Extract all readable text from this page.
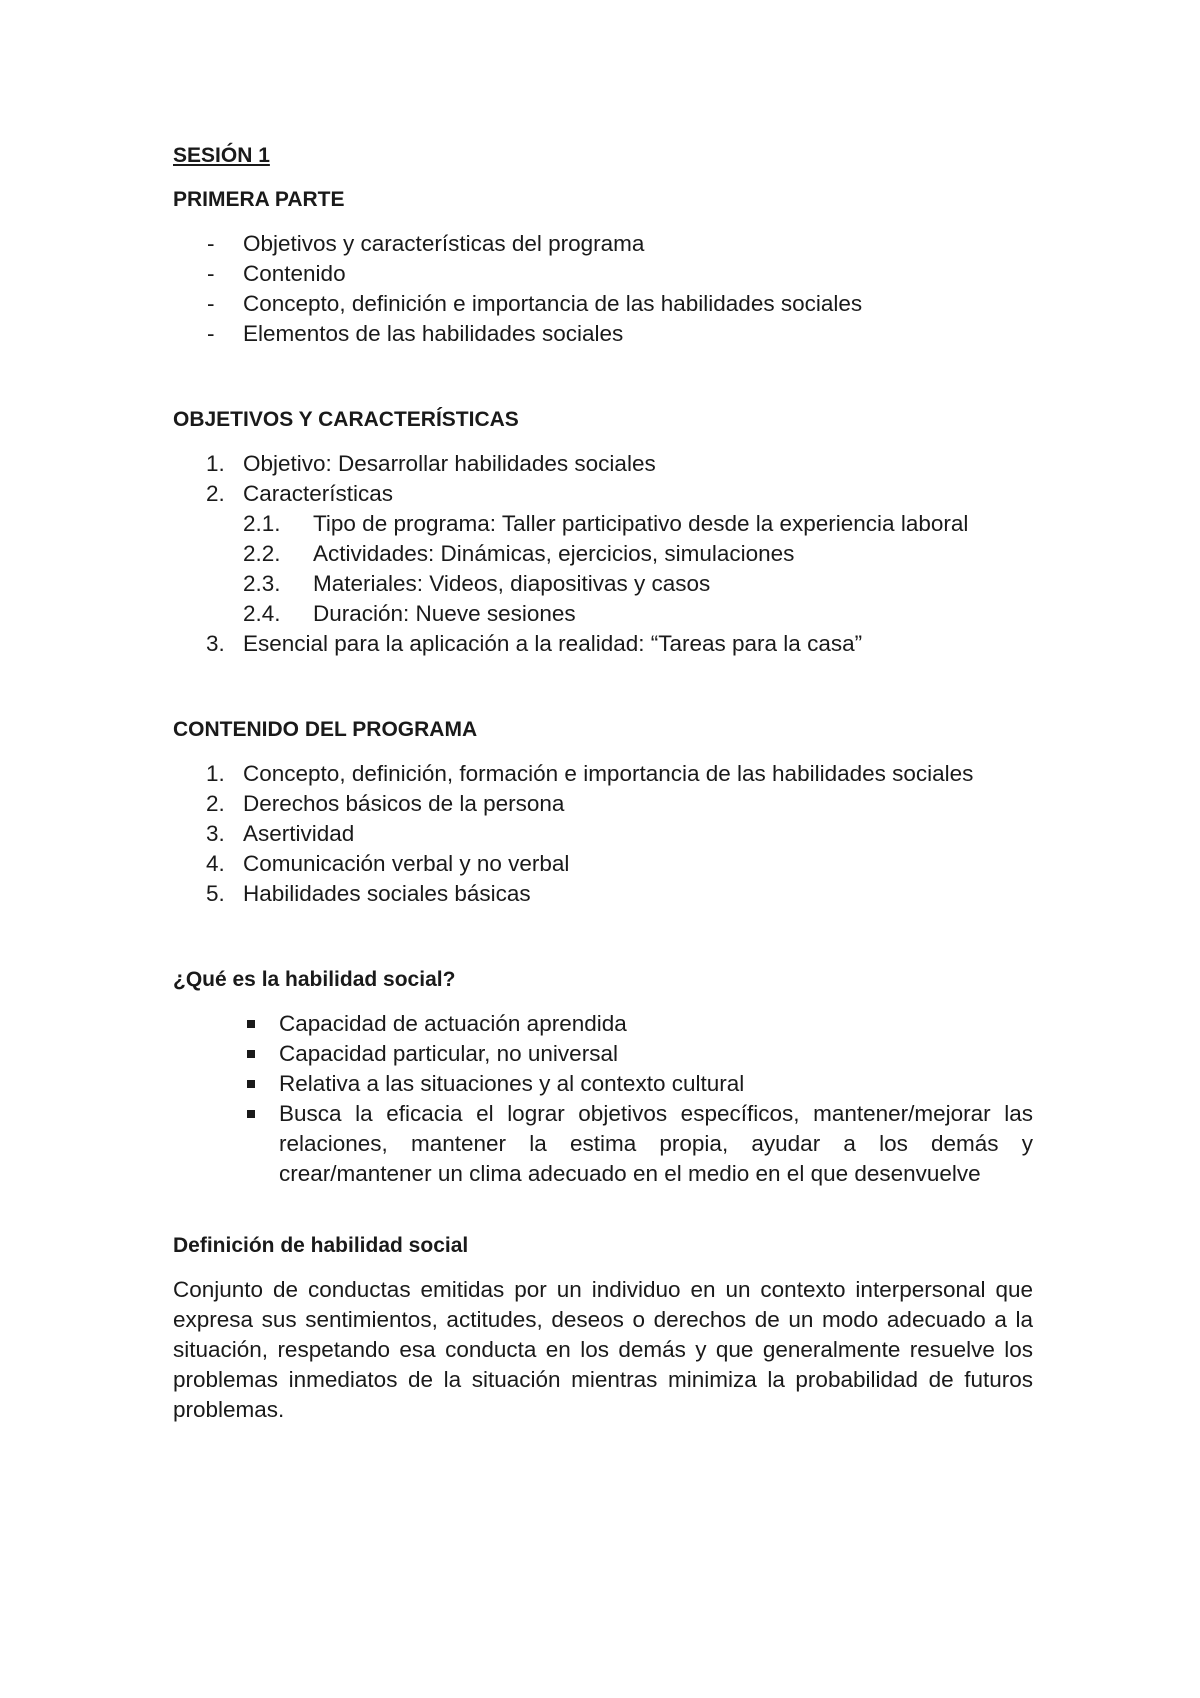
SESIÓN 1

PRIMERA PARTE

- Objetivos y características del programa
- Contenido
- Concepto, definición e importancia de las habilidades sociales
- Elementos de las habilidades sociales

OBJETIVOS Y CARACTERÍSTICAS

1. Objetivo: Desarrollar habilidades sociales
2. Características
2.1.	Tipo de programa: Taller participativo desde la experiencia laboral
2.2. Actividades: Dinámicas, ejercicios, simulaciones
2.3. Materiales: Videos, diapositivas y casos
2.4. Duración: Nueve sesiones
3. Esencial para la aplicación a la realidad: “Tareas para la casa”

CONTENIDO DEL PROGRAMA

1. Concepto, definición, formación e importancia de las habilidades sociales
2. Derechos básicos de la persona
3. Asertividad
4. Comunicación verbal y no verbal
5. Habilidades sociales básicas

¿Qué es la habilidad social?

Capacidad de actuación aprendida
Capacidad particular, no universal
Relativa a las situaciones y al contexto cultural
Busca la eficacia el lograr objetivos específicos, mantener/mejorar las relaciones, mantener la estima propia, ayudar a los demás y crear/mantener un clima adecuado en el medio en el que desenvuelve

Definición de habilidad social

Conjunto de conductas emitidas por un individuo en un contexto interpersonal que expresa sus sentimientos, actitudes, deseos o derechos de un modo adecuado a la situación, respetando esa conducta en los demás y que generalmente resuelve los problemas inmediatos de la situación mientras minimiza la probabilidad de futuros problemas.
